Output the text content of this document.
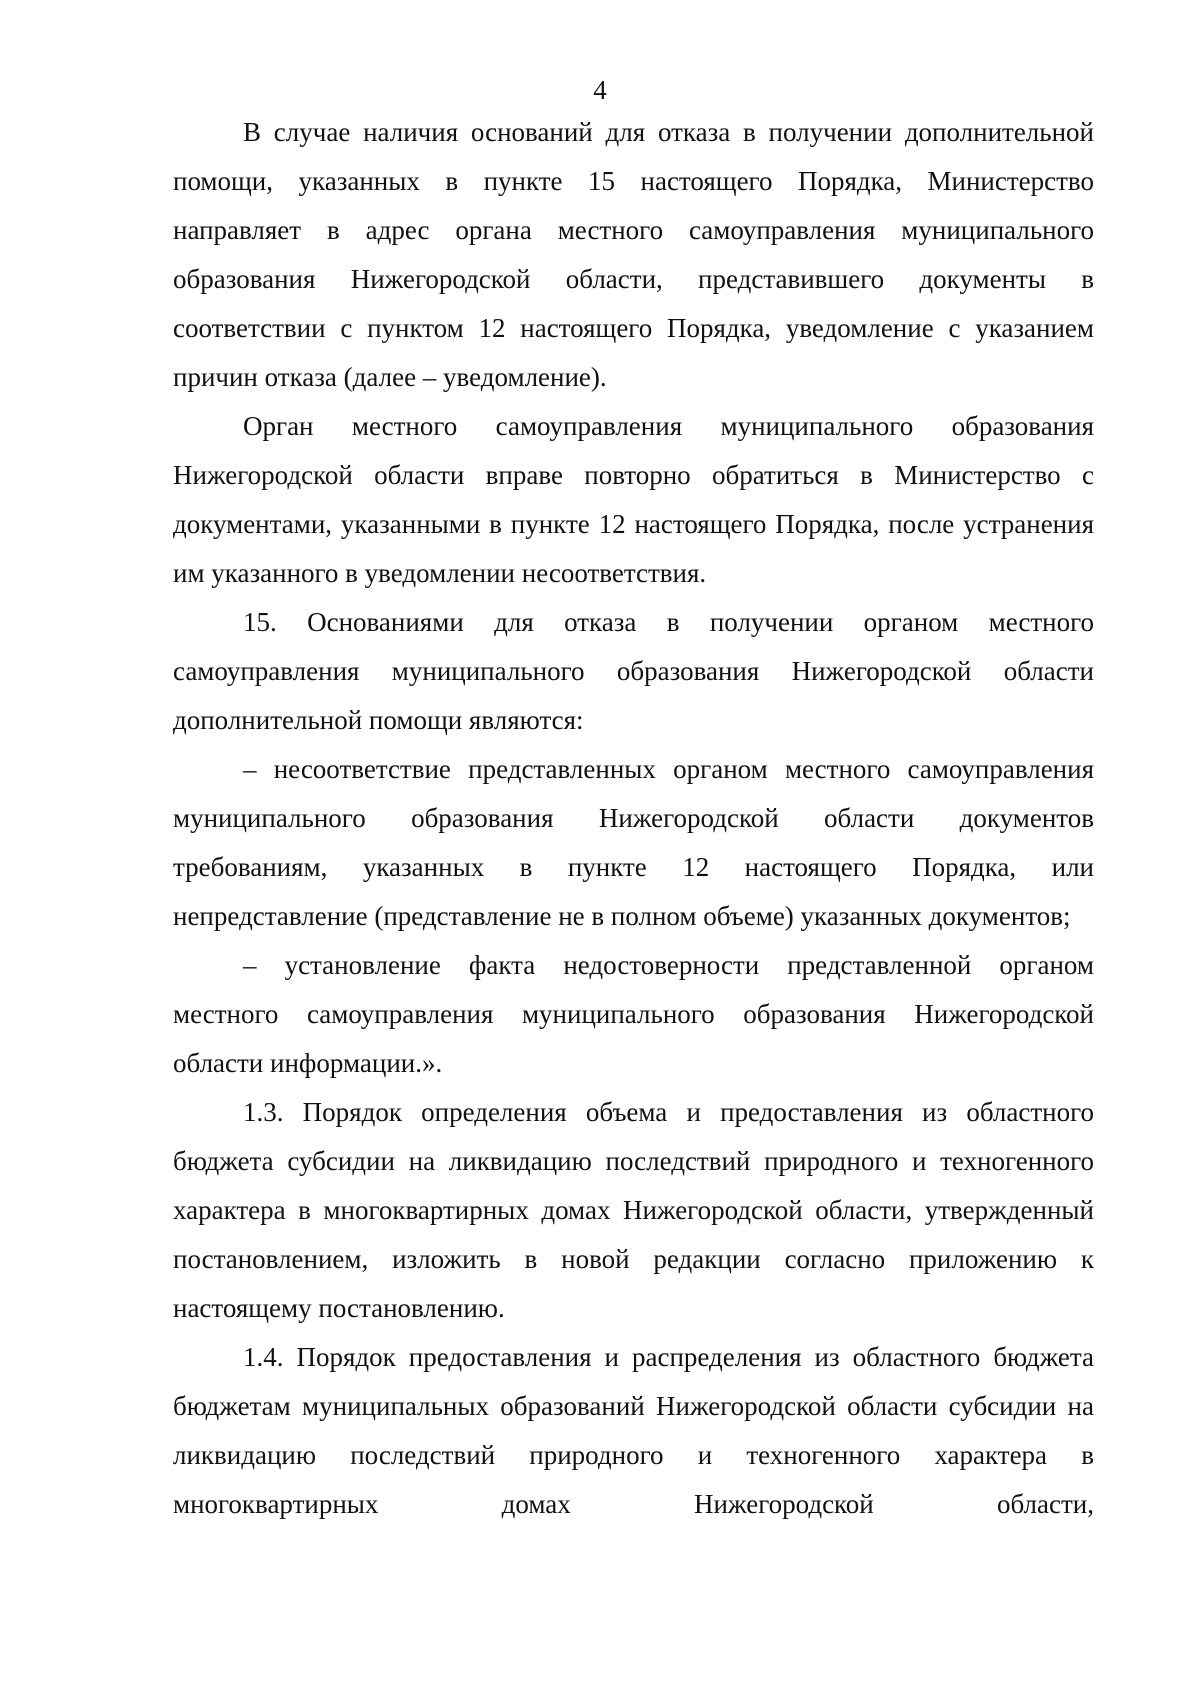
4

В случае наличия оснований для отказа в получении дополнительной помощи, указанных в пункте 15 настоящего Порядка, Министерство направляет в адрес органа местного самоуправления муниципального образования Нижегородской области, представившего документы в соответствии с пунктом 12 настоящего Порядка, уведомление с указанием причин отказа (далее – уведомление).

Орган местного самоуправления муниципального образования Нижегородской области вправе повторно обратиться в Министерство с документами, указанными в пункте 12 настоящего Порядка, после устранения им указанного в уведомлении несоответствия.

15. Основаниями для отказа в получении органом местного самоуправления муниципального образования Нижегородской области дополнительной помощи являются:

– несоответствие представленных органом местного самоуправления муниципального образования Нижегородской области документов требованиям, указанных в пункте 12 настоящего Порядка, или непредставление (представление не в полном объеме) указанных документов;

– установление факта недостоверности представленной органом местного самоуправления муниципального образования Нижегородской области информации.».

1.3. Порядок определения объема и предоставления из областного бюджета субсидии на ликвидацию последствий природного и техногенного характера в многоквартирных домах Нижегородской области, утвержденный постановлением, изложить в новой редакции согласно приложению к настоящему постановлению.

1.4. Порядок предоставления и распределения из областного бюджета бюджетам муниципальных образований Нижегородской области субсидии на ликвидацию последствий природного и техногенного характера в многоквартирных домах Нижегородской области,
